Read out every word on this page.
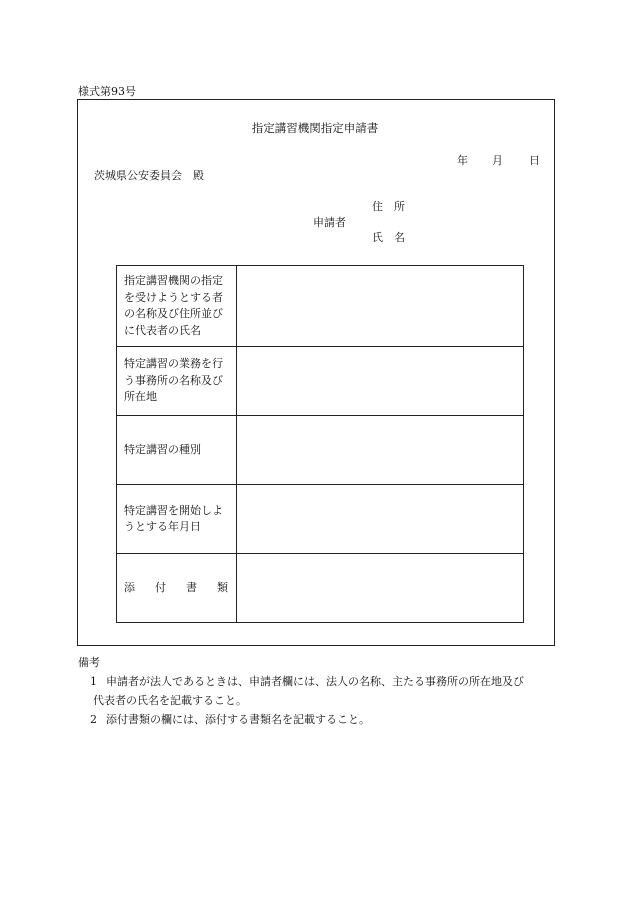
様式第93号
指定講習機関指定申請書
年 月 日
茨城県公安委員会　殿
申請者
住　所
氏　名
指定講習機関の指定
を受けようとする者
の名称及び住所並び
に代表者の氏名	

特定講習の業務を行
う事務所の名称及び
所在地	

特定講習の種別	

特定講習を開始しよ
うとする年月日	

添 付 書 類	

備考
1 申請者が法人であるときは、申請者欄には、法人の名称、主たる事務所の所在地及び
代表者の氏名を記載すること。
2 添付書類の欄には、添付する書類名を記載すること。
